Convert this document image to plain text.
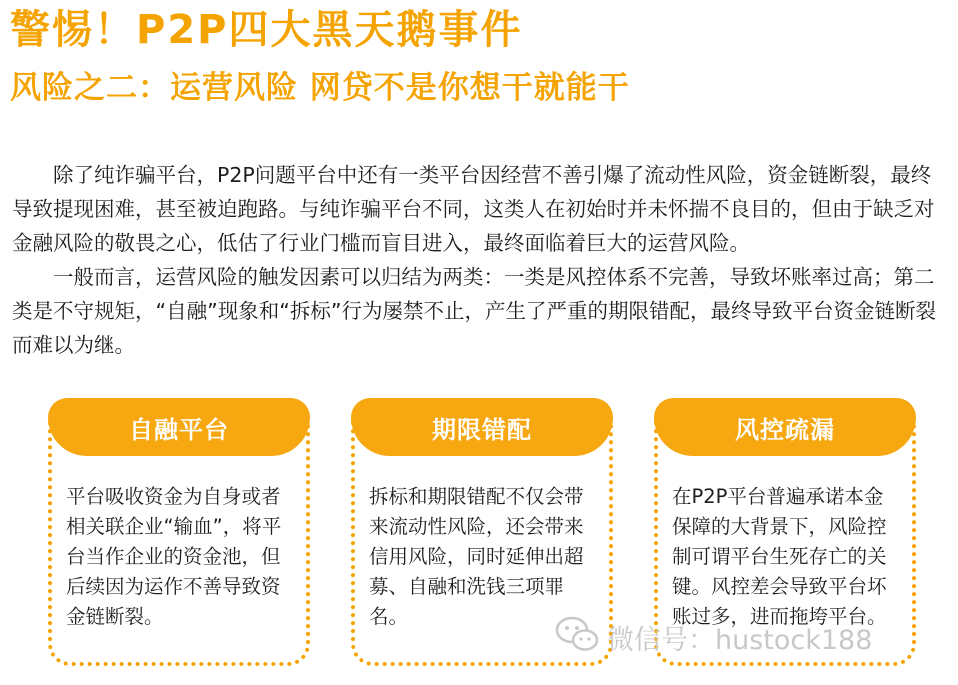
警惕！P2P四大黑天鹅事件
风险之二：运营风险 网贷不是你想干就能干

除了纯诈骗平台，P2P问题平台中还有一类平台因经营不善引爆了流动性风险，资金链断裂，最终导致提现困难，甚至被迫跑路。与纯诈骗平台不同，这类人在初始时并未怀揣不良目的，但由于缺乏对金融风险的敬畏之心，低估了行业门槛而盲目进入，最终面临着巨大的运营风险。

一般而言，运营风险的触发因素可以归结为两类：一类是风控体系不完善，导致坏账率过高；第二类是不守规矩，“自融”现象和“拆标”行为屡禁不止，产生了严重的期限错配，最终导致平台资金链断裂而难以为继。

自融平台
平台吸收资金为自身或者相关联企业“输血”，将平台当作企业的资金池，但后续因为运作不善导致资金链断裂。
期限错配
拆标和期限错配不仅会带来流动性风险，还会带来信用风险，同时延伸出超募、自融和洗钱三项罪名。
风控疏漏
在P2P平台普遍承诺本金保障的大背景下，风险控制可谓平台生死存亡的关键。风控差会导致平台坏账过多，进而拖垮平台。
微信号：hustock188
